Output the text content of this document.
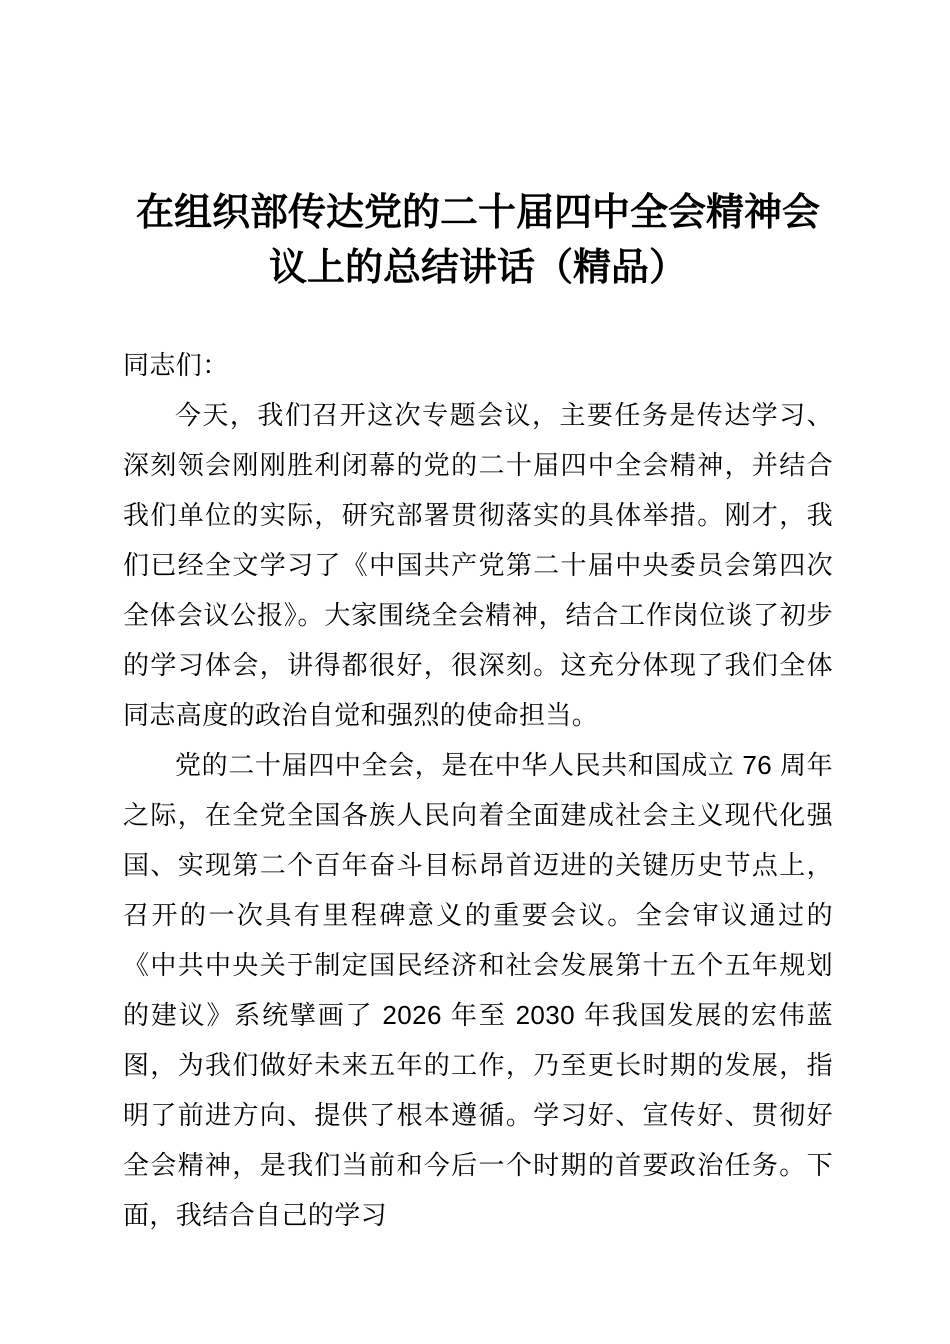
在组织部传达党的二十届四中全会精神会议上的总结讲话（精品）

同志们：

今天，我们召开这次专题会议，主要任务是传达学习、深刻领会刚刚胜利闭幕的党的二十届四中全会精神，并结合我们单位的实际，研究部署贯彻落实的具体举措。刚才，我们已经全文学习了《中国共产党第二十届中央委员会第四次全体会议公报》。大家围绕全会精神，结合工作岗位谈了初步的学习体会，讲得都很好，很深刻。这充分体现了我们全体同志高度的政治自觉和强烈的使命担当。

党的二十届四中全会，是在中华人民共和国成立 76 周年之际，在全党全国各族人民向着全面建成社会主义现代化强国、实现第二个百年奋斗目标昂首迈进的关键历史节点上，召开的一次具有里程碑意义的重要会议。全会审议通过的《中共中央关于制定国民经济和社会发展第十五个五年规划的建议》系统擘画了 2026 年至 2030 年我国发展的宏伟蓝图，为我们做好未来五年的工作，乃至更长时期的发展，指明了前进方向、提供了根本遵循。学习好、宣传好、贯彻好全会精神，是我们当前和今后一个时期的首要政治任务。下面，我结合自己的学习
